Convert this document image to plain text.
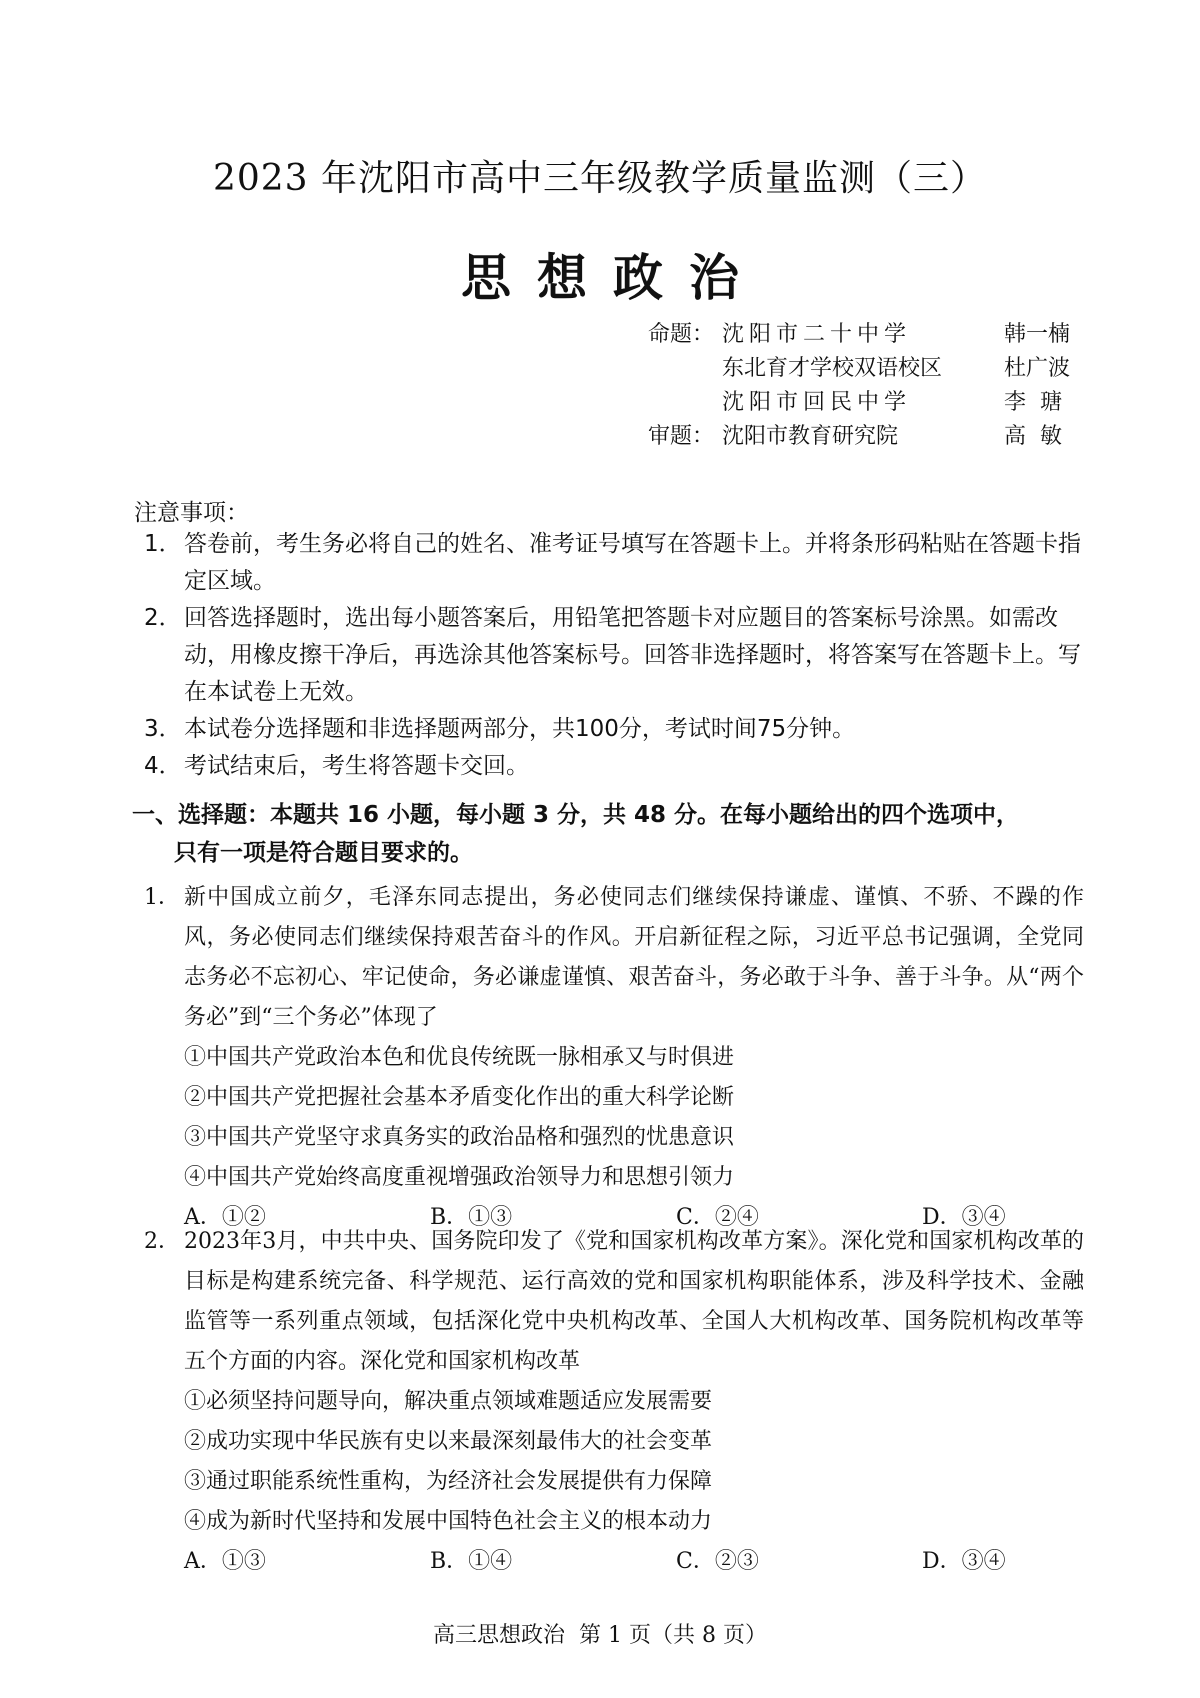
2023 年沈阳市高中三年级教学质量监测（三）
思想政治
命题： 沈阳市二十中学	韩一楠
东北育才学校双语校区	杜广波
沈阳市回民中学	李  瑭
审题： 沈阳市教育研究院	高  敏
注意事项：
1． 答卷前，考生务必将自己的姓名、准考证号填写在答题卡上。并将条形码粘贴在答题卡指定区域。
2． 回答选择题时，选出每小题答案后，用铅笔把答题卡对应题目的答案标号涂黑。如需改动，用橡皮擦干净后，再选涂其他答案标号。回答非选择题时，将答案写在答题卡上。写在本试卷上无效。
3． 本试卷分选择题和非选择题两部分，共100分，考试时间75分钟。
4． 考试结束后，考生将答题卡交回。
一、选择题：本题共 16 小题，每小题 3 分，共 48 分。在每小题给出的四个选项中，
只有一项是符合题目要求的。
1． 新中国成立前夕，毛泽东同志提出，务必使同志们继续保持谦虚、谨慎、不骄、不躁的作风，务必使同志们继续保持艰苦奋斗的作风。开启新征程之际，习近平总书记强调，全党同志务必不忘初心、牢记使命，务必谦虚谨慎、艰苦奋斗，务必敢于斗争、善于斗争。从“两个务必”到“三个务必”体现了
①中国共产党政治本色和优良传统既一脉相承又与时俱进
②中国共产党把握社会基本矛盾变化作出的重大科学论断
③中国共产党坚守求真务实的政治品格和强烈的忧患意识
④中国共产党始终高度重视增强政治领导力和思想引领力
A．①②	B．①③	C．②④	D．③④
2． 2023年3月，中共中央、国务院印发了《党和国家机构改革方案》。深化党和国家机构改革的目标是构建系统完备、科学规范、运行高效的党和国家机构职能体系，涉及科学技术、金融监管等一系列重点领域，包括深化党中央机构改革、全国人大机构改革、国务院机构改革等五个方面的内容。深化党和国家机构改革
①必须坚持问题导向，解决重点领域难题适应发展需要
②成功实现中华民族有史以来最深刻最伟大的社会变革
③通过职能系统性重构，为经济社会发展提供有力保障
④成为新时代坚持和发展中国特色社会主义的根本动力
A．①③	B．①④	C．②③	D．③④
高三思想政治  第 1 页（共 8 页）
